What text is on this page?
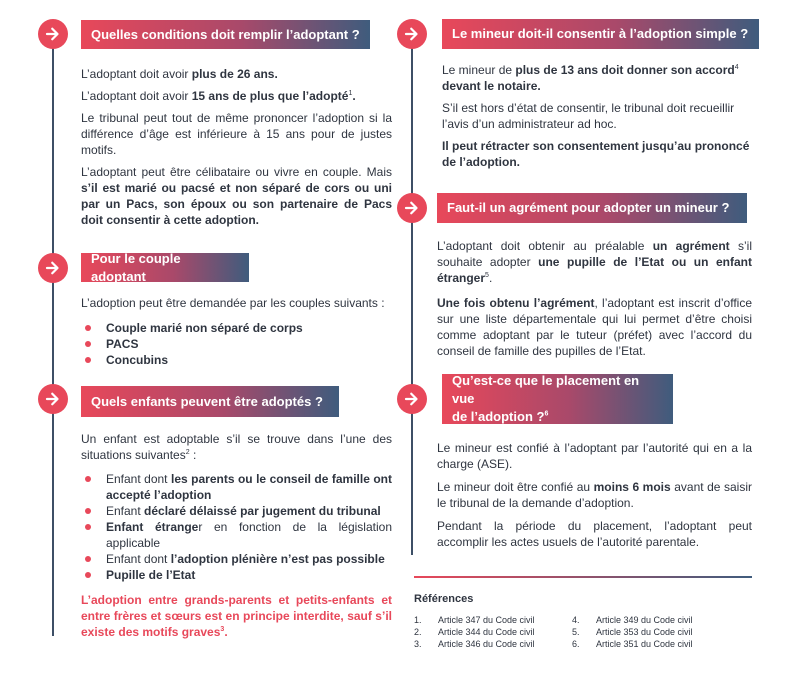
Quelles conditions doit remplir l’adoptant ?

L’adoptant doit avoir plus de 26 ans.

L’adoptant doit avoir 15 ans de plus que l’adopté$^1$.

Le tribunal peut tout de même prononcer l’adoption si la différence d’âge est inférieure à 15 ans pour de justes motifs.

L’adoptant peut être célibataire ou vivre en couple. Mais s’il est marié ou pacsé et non séparé de cors ou uni par un Pacs, son époux ou son partenaire de Pacs doit consentir à cette adoption.

Pour le couple adoptant

L’adoption peut être demandée par les couples suivants :

Couple marié non séparé de corps
PACS
Concubins
Quels enfants peuvent être adoptés ?

Un enfant est adoptable s’il se trouve dans l’une des situations suivantes$^2$ :

Enfant dont les parents ou le conseil de famille ont accepté l’adoption
Enfant déclaré délaissé par jugement du tribunal
Enfant étranger en fonction de la législation applicable
Enfant dont l’adoption plénière n’est pas possible
Pupille de l’Etat

L’adoption entre grands-parents et petits-enfants et entre frères et sœurs est en principe interdite, sauf s’il existe des motifs graves$^3$.

Le mineur doit-il consentir à l’adoption simple ?

Le mineur de plus de 13 ans doit donner son accord$^4$
devant le notaire.

S’il est hors d’état de consentir, le tribunal doit recueillir l’avis d’un administrateur ad hoc.

Il peut rétracter son consentement jusqu’au prononcé de l’adoption.

Faut-il un agrément pour adopter un mineur ?

L’adoptant doit obtenir au préalable un agrément s’il souhaite adopter une pupille de l’Etat ou un enfant étranger$^5$.

Une fois obtenu l’agrément, l’adoptant est inscrit d’office sur une liste départementale qui lui permet d’être choisi comme adoptant par le tuteur (préfet) avec l’accord du conseil de famille des pupilles de l’Etat.

Qu’est-ce que le placement en vue
de l’adoption ?$^6$

Le mineur est confié à l’adoptant par l’autorité qui en a la charge (ASE).

Le mineur doit être confié au moins 6 mois avant de saisir le tribunal de la demande d’adoption.

Pendant la période du placement, l’adoptant peut accomplir les actes usuels de l’autorité parentale.

Références
1. Article 347 du Code civil
2. Article 344 du Code civil
3. Article 346 du Code civil
4. Article 349 du Code civil
5. Article 353 du Code civil
6. Article 351 du Code civil
